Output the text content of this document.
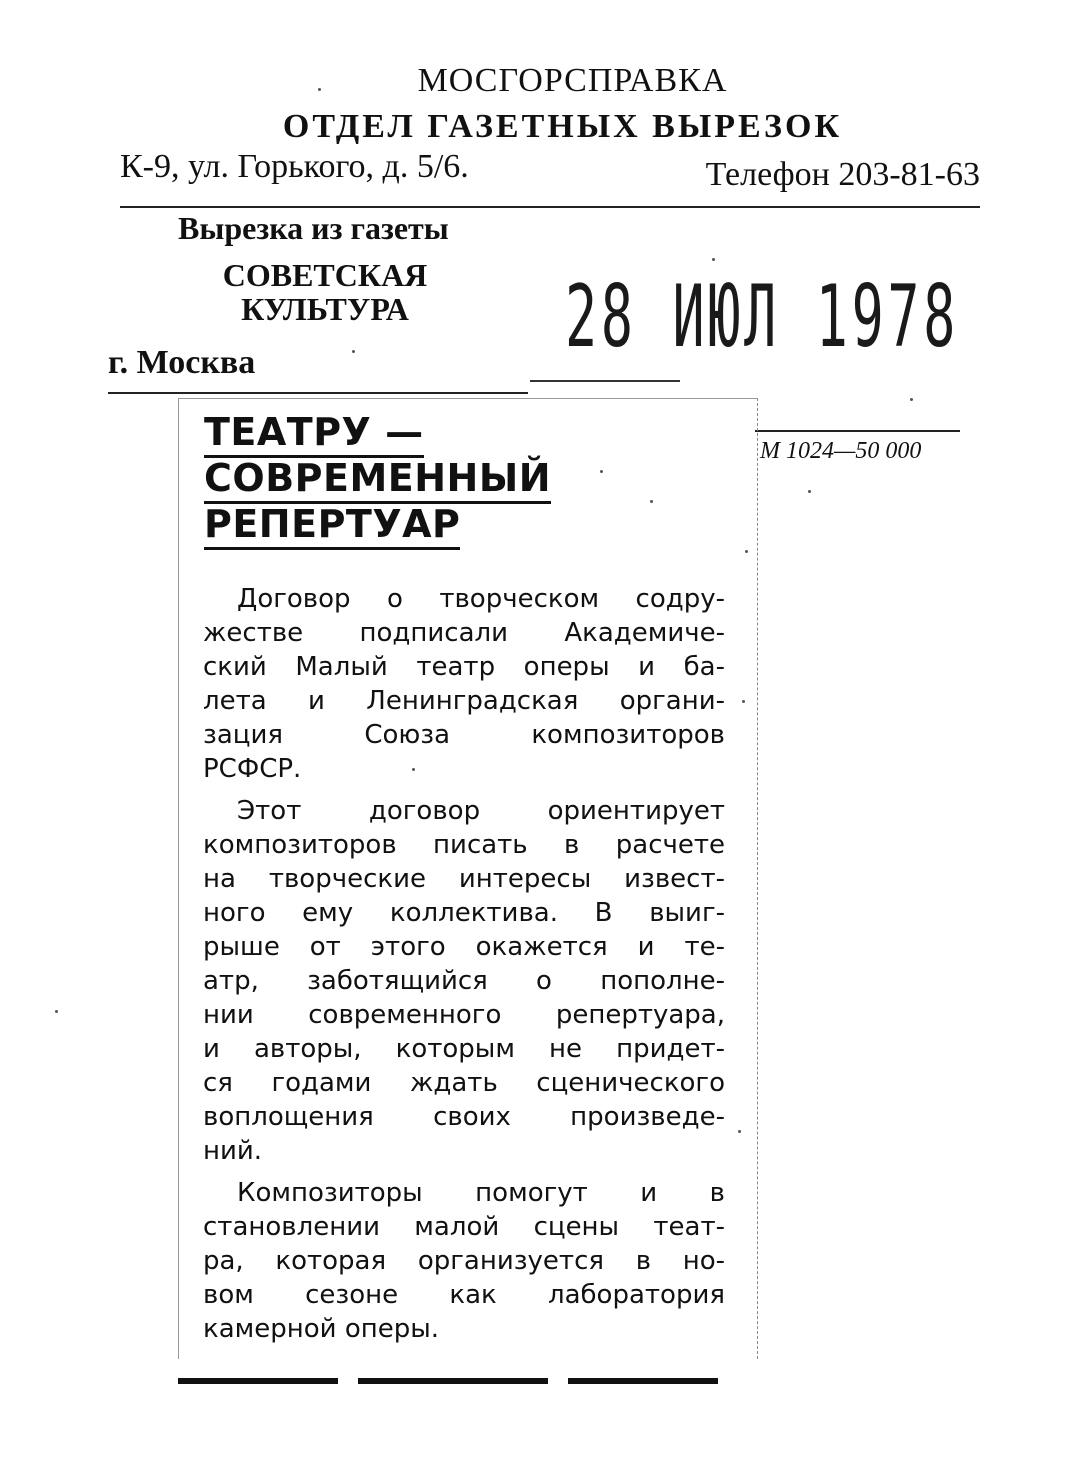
МОСГОРСПРАВКА
ОТДЕЛ ГАЗЕТНЫХ ВЫРЕЗОК
К-9, ул. Горького, д. 5/6.	Телефон 203-81-63
Вырезка из газеты
СОВЕТСКАЯ
КУЛЬТУРА
г. Москва	28 ИЮЛ 1978
М 1024—50 000
ТЕАТРУ —
СОВРЕМЕННЫЙ
РЕПЕРТУАР
Договор о творческом содру-
жестве подписали Академиче-
ский Малый театр оперы и ба-
лета и Ленинградская органи-
зация Союза композиторов
РСФСР.
Этот договор ориентирует
композиторов писать в расчете
на творческие интересы извест-
ного ему коллектива. В выиг-
рыше от этого окажется и те-
атр, заботящийся о пополне-
нии современного репертуара,
и авторы, которым не придет-
ся годами ждать сценического
воплощения своих произведе-
ний.
Композиторы помогут и в
становлении малой сцены теат-
ра, которая организуется в но-
вом сезоне как лаборатория
камерной оперы.
